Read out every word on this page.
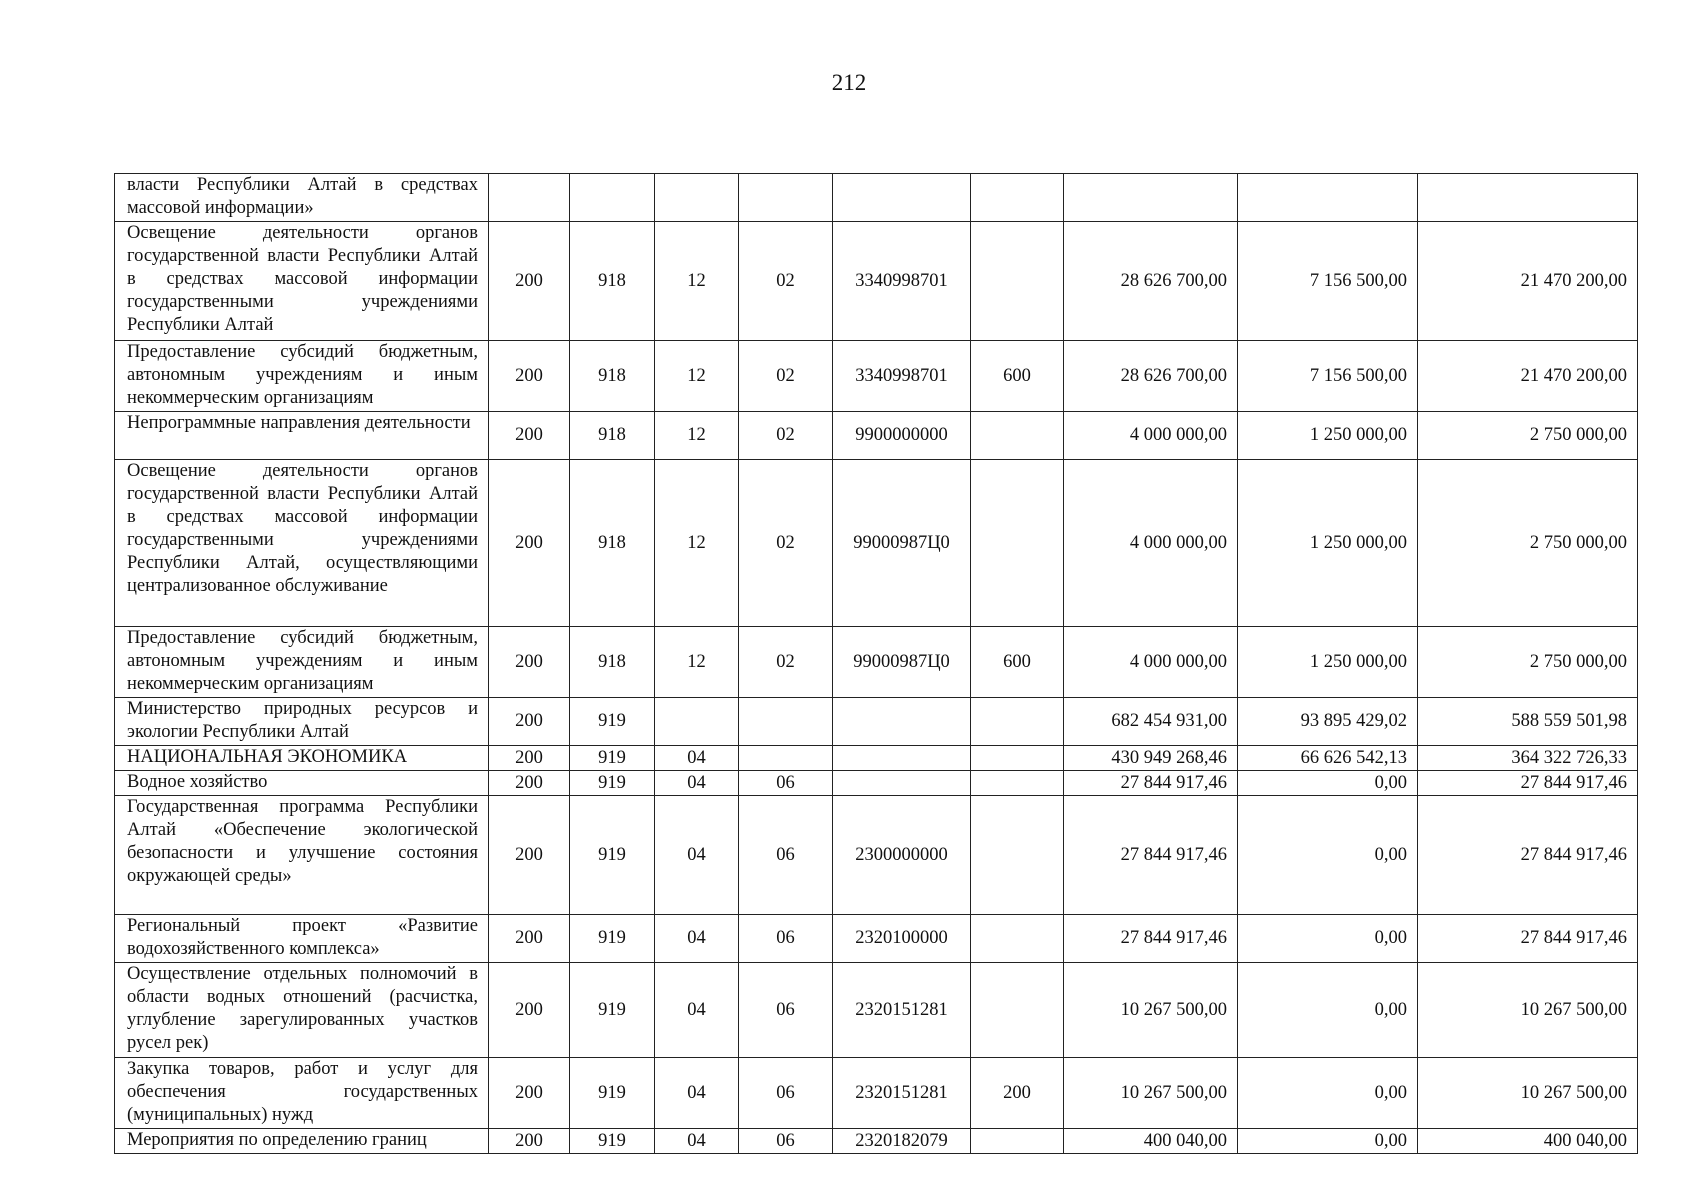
212
власти Республики Алтай в средствах массовой информации»									
Освещение деятельности органов государственной власти Республики Алтай в средствах массовой информации государственными учреждениями Республики Алтай	200	918	12	02	3340998701		28 626 700,00	7 156 500,00	21 470 200,00
Предоставление субсидий бюджетным, автономным учреждениям и иным некоммерческим организациям	200	918	12	02	3340998701	600	28 626 700,00	7 156 500,00	21 470 200,00
Непрограммные направления деятельности	200	918	12	02	9900000000		4 000 000,00	1 250 000,00	2 750 000,00
Освещение деятельности органов государственной власти Республики Алтай в средствах массовой информации государственными учреждениями Республики Алтай, осуществляющими централизованное обслуживание	200	918	12	02	99000987Ц0		4 000 000,00	1 250 000,00	2 750 000,00
Предоставление субсидий бюджетным, автономным учреждениям и иным некоммерческим организациям	200	918	12	02	99000987Ц0	600	4 000 000,00	1 250 000,00	2 750 000,00
Министерство природных ресурсов и экологии Республики Алтай	200	919					682 454 931,00	93 895 429,02	588 559 501,98
НАЦИОНАЛЬНАЯ ЭКОНОМИКА	200	919	04				430 949 268,46	66 626 542,13	364 322 726,33
Водное хозяйство	200	919	04	06			27 844 917,46	0,00	27 844 917,46
Государственная программа Республики Алтай «Обеспечение экологической безопасности и улучшение состояния окружающей среды»	200	919	04	06	2300000000		27 844 917,46	0,00	27 844 917,46
Региональный проект «Развитие водохозяйственного комплекса»	200	919	04	06	2320100000		27 844 917,46	0,00	27 844 917,46
Осуществление отдельных полномочий в области водных отношений (расчистка, углубление зарегулированных участков русел рек)	200	919	04	06	2320151281		10 267 500,00	0,00	10 267 500,00
Закупка товаров, работ и услуг для обеспечения государственных (муниципальных) нужд	200	919	04	06	2320151281	200	10 267 500,00	0,00	10 267 500,00
Мероприятия по определению границ	200	919	04	06	2320182079		400 040,00	0,00	400 040,00
